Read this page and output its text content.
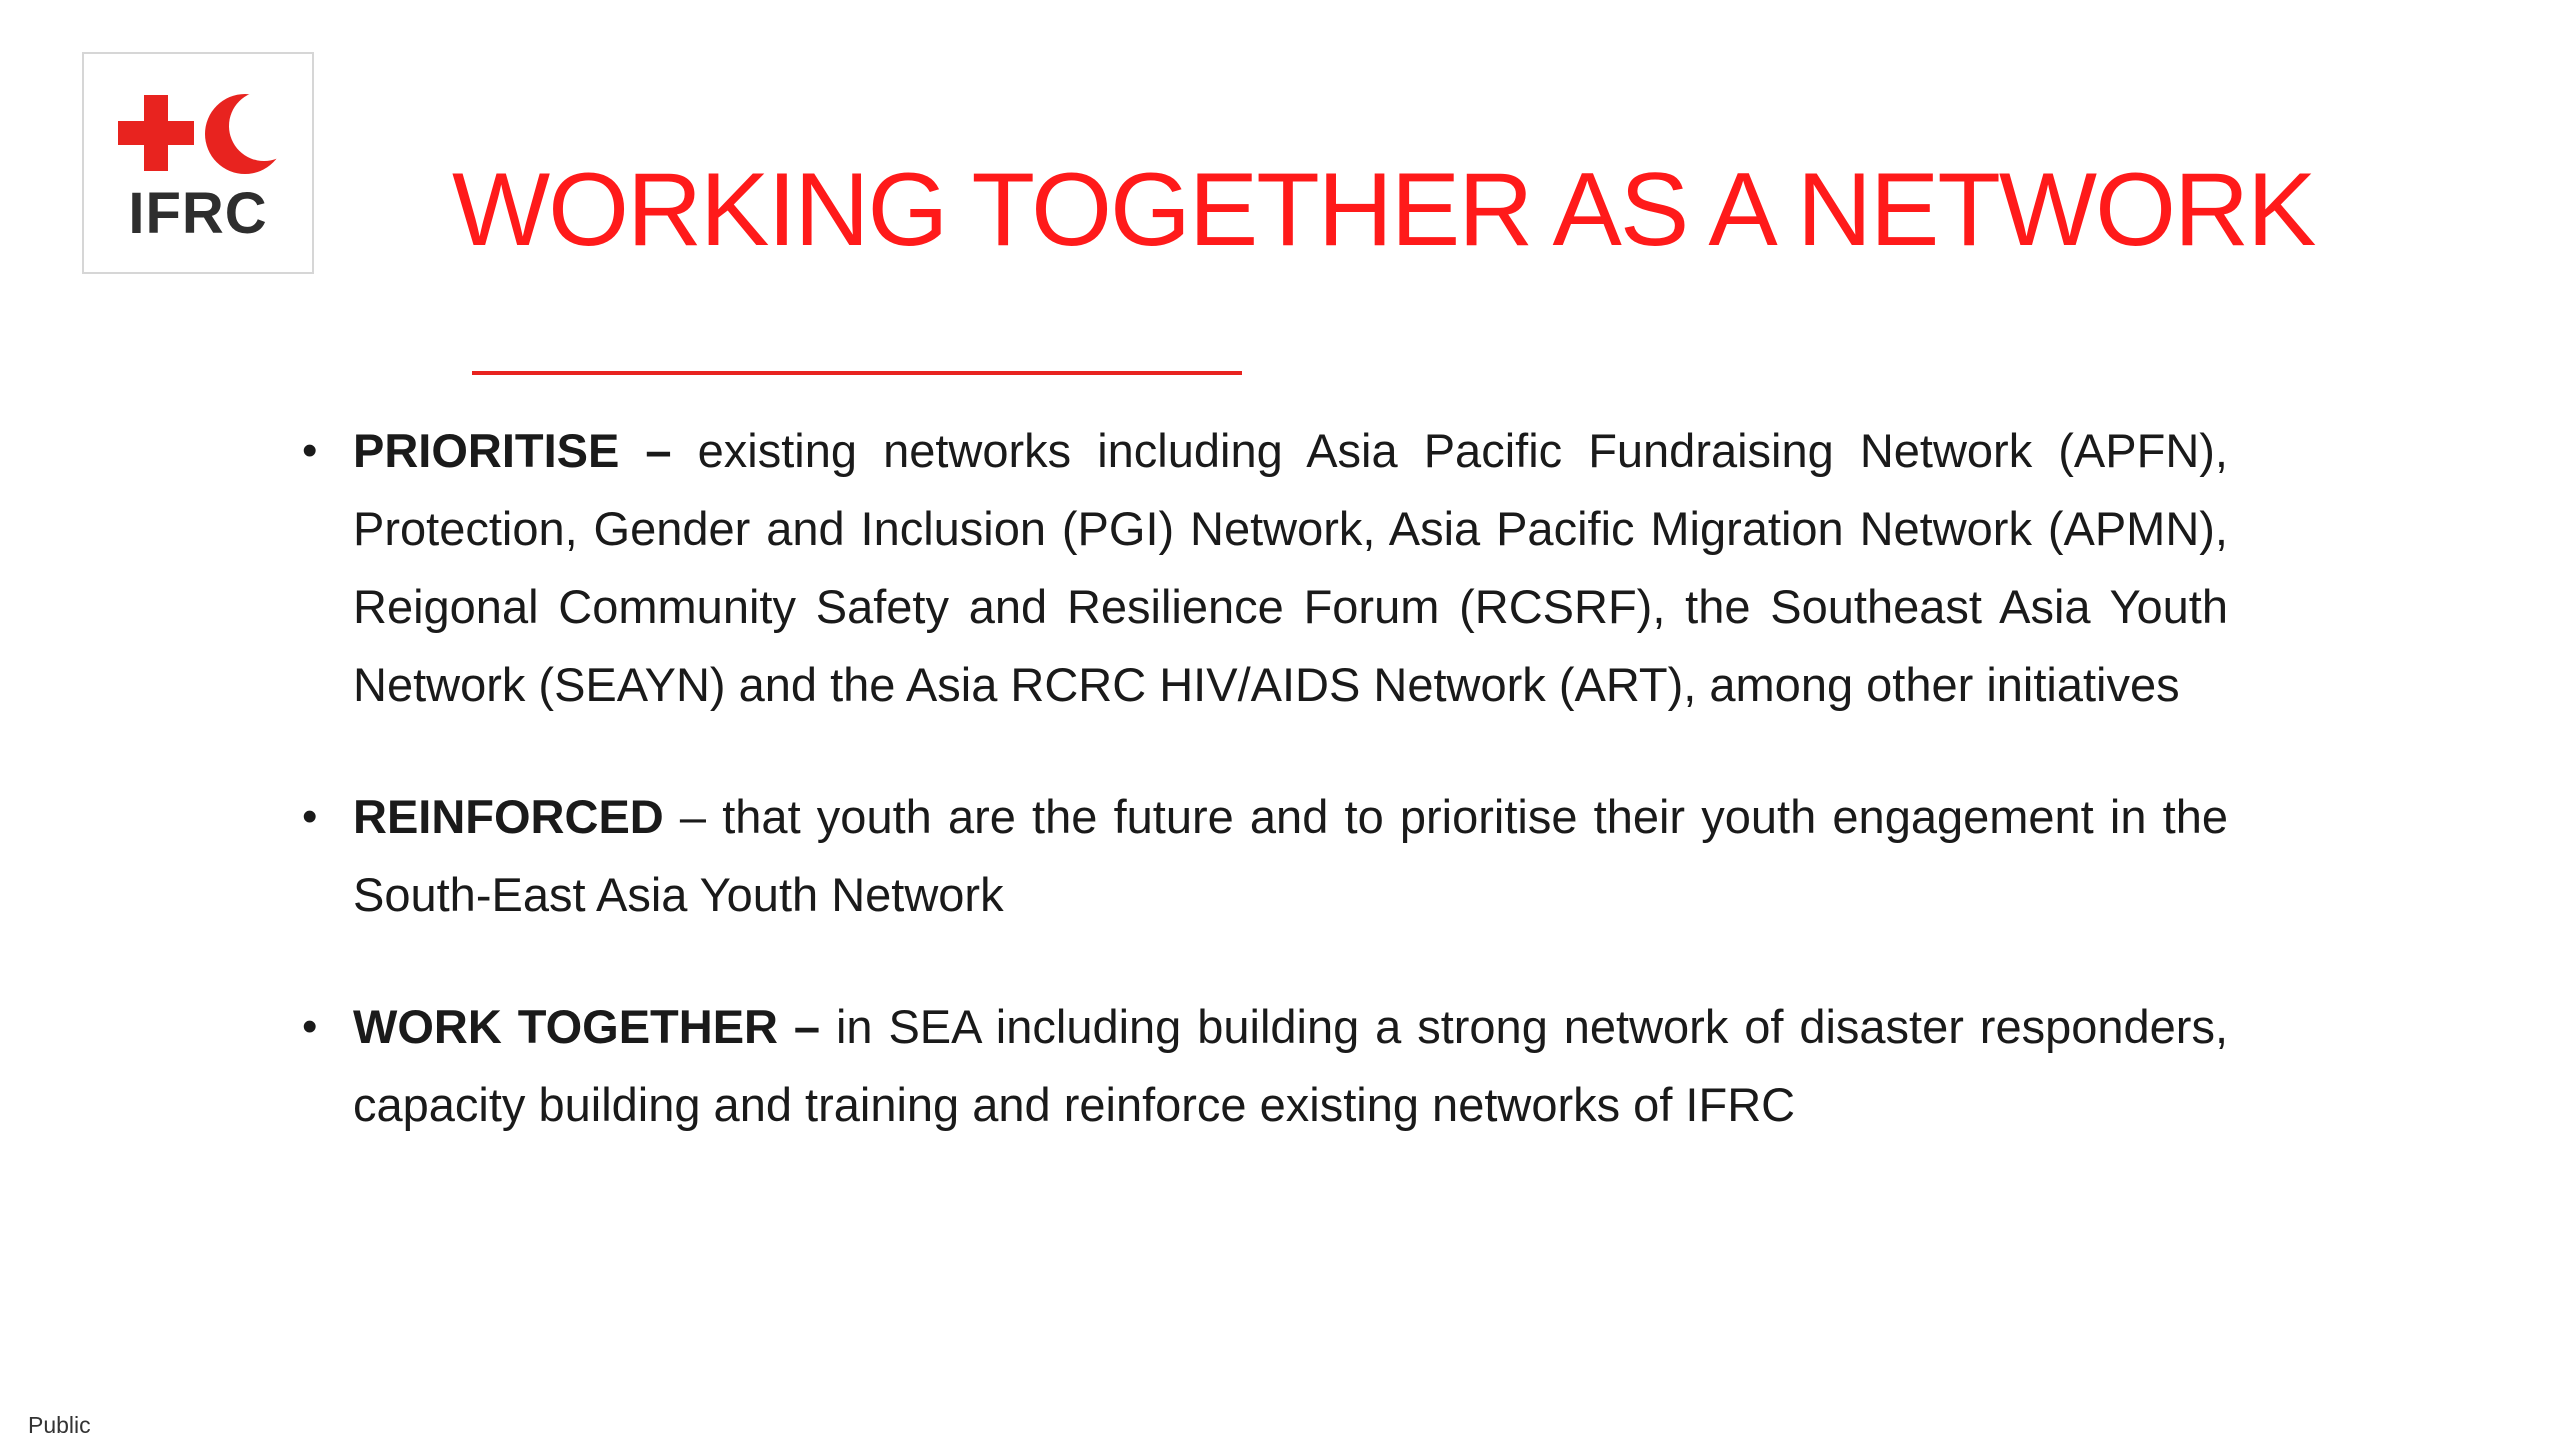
IFRC	WORKING TOGETHER AS A NETWORK
• PRIORITISE – existing networks including Asia Pacific Fundraising Network (APFN), Protection, Gender and Inclusion (PGI) Network, Asia Pacific Migration Network (APMN), Reigonal Community Safety and Resilience Forum (RCSRF), the Southeast Asia Youth Network (SEAYN) and the Asia RCRC HIV/AIDS Network (ART), among other initiatives
• REINFORCED – that youth are the future and to prioritise their youth engagement in the South-East Asia Youth Network
• WORK TOGETHER – in SEA including building a strong network of disaster responders, capacity building and training and reinforce existing networks of IFRC
Public
